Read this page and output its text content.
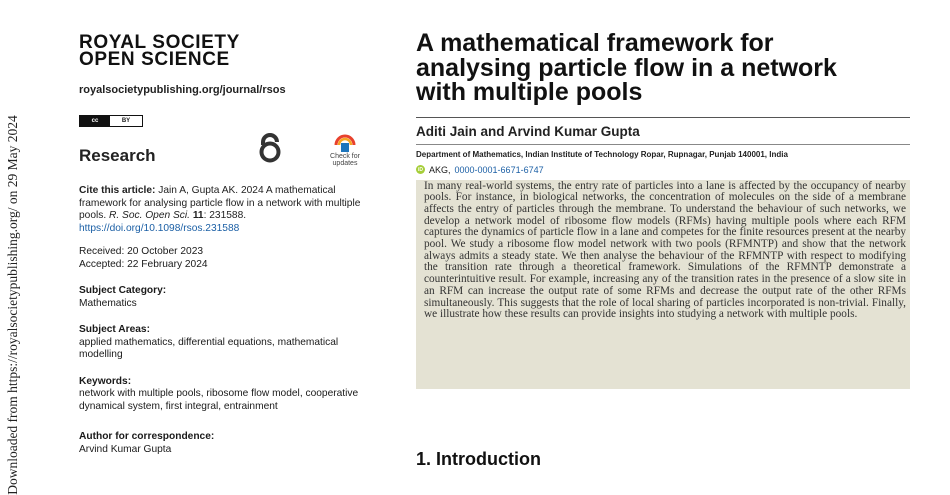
Downloaded from https://royalsocietypublishing.org/ on 29 May 2024
ROYAL SOCIETY
OPEN SCIENCE
royalsocietypublishing.org/journal/rsos
cc	BY
Research	Check for
updates
Cite this article: Jain A, Gupta AK. 2024 A mathematical framework for analysing particle flow in a network with multiple pools. R. Soc. Open Sci. 11: 231588.
https://doi.org/10.1098/rsos.231588
Received: 20 October 2023
Accepted: 22 February 2024
Subject Category:
Mathematics
Subject Areas:
applied mathematics, differential equations, mathematical modelling
Keywords:
network with multiple pools, ribosome flow model, cooperative dynamical system, first integral, entrainment
Author for correspondence:
Arvind Kumar Gupta
A mathematical framework for analysing particle flow in a network with multiple pools
Aditi Jain and Arvind Kumar Gupta
Department of Mathematics, Indian Institute of Technology Ropar, Rupnagar, Punjab 140001, India
iD AKG, 0000-0001-6671-6747
In many real-world systems, the entry rate of particles into a lane is affected by the occupancy of nearby pools. For instance, in biological networks, the concentration of molecules on the side of a membrane affects the entry of particles through the membrane. To understand the behaviour of such networks, we develop a network model of ribosome flow models (RFMs) having multiple pools where each RFM captures the dynamics of particle flow in a lane and competes for the finite resources present at the nearby pool. We study a ribosome flow model network with two pools (RFMNTP) and show that the network always admits a steady state. We then analyse the behaviour of the RFMNTP with respect to modifying the transition rate through a theoretical framework. Simulations of the RFMNTP demonstrate a counterintuitive result. For example, increasing any of the transition rates in the presence of a slow site in an RFM can increase the output rate of some RFMs and decrease the output rate of the other RFMs simultaneously. This suggests that the role of local sharing of particles incorporated is non-trivial. Finally, we illustrate how these results can provide insights into studying a network with multiple pools.
1. Introduction
